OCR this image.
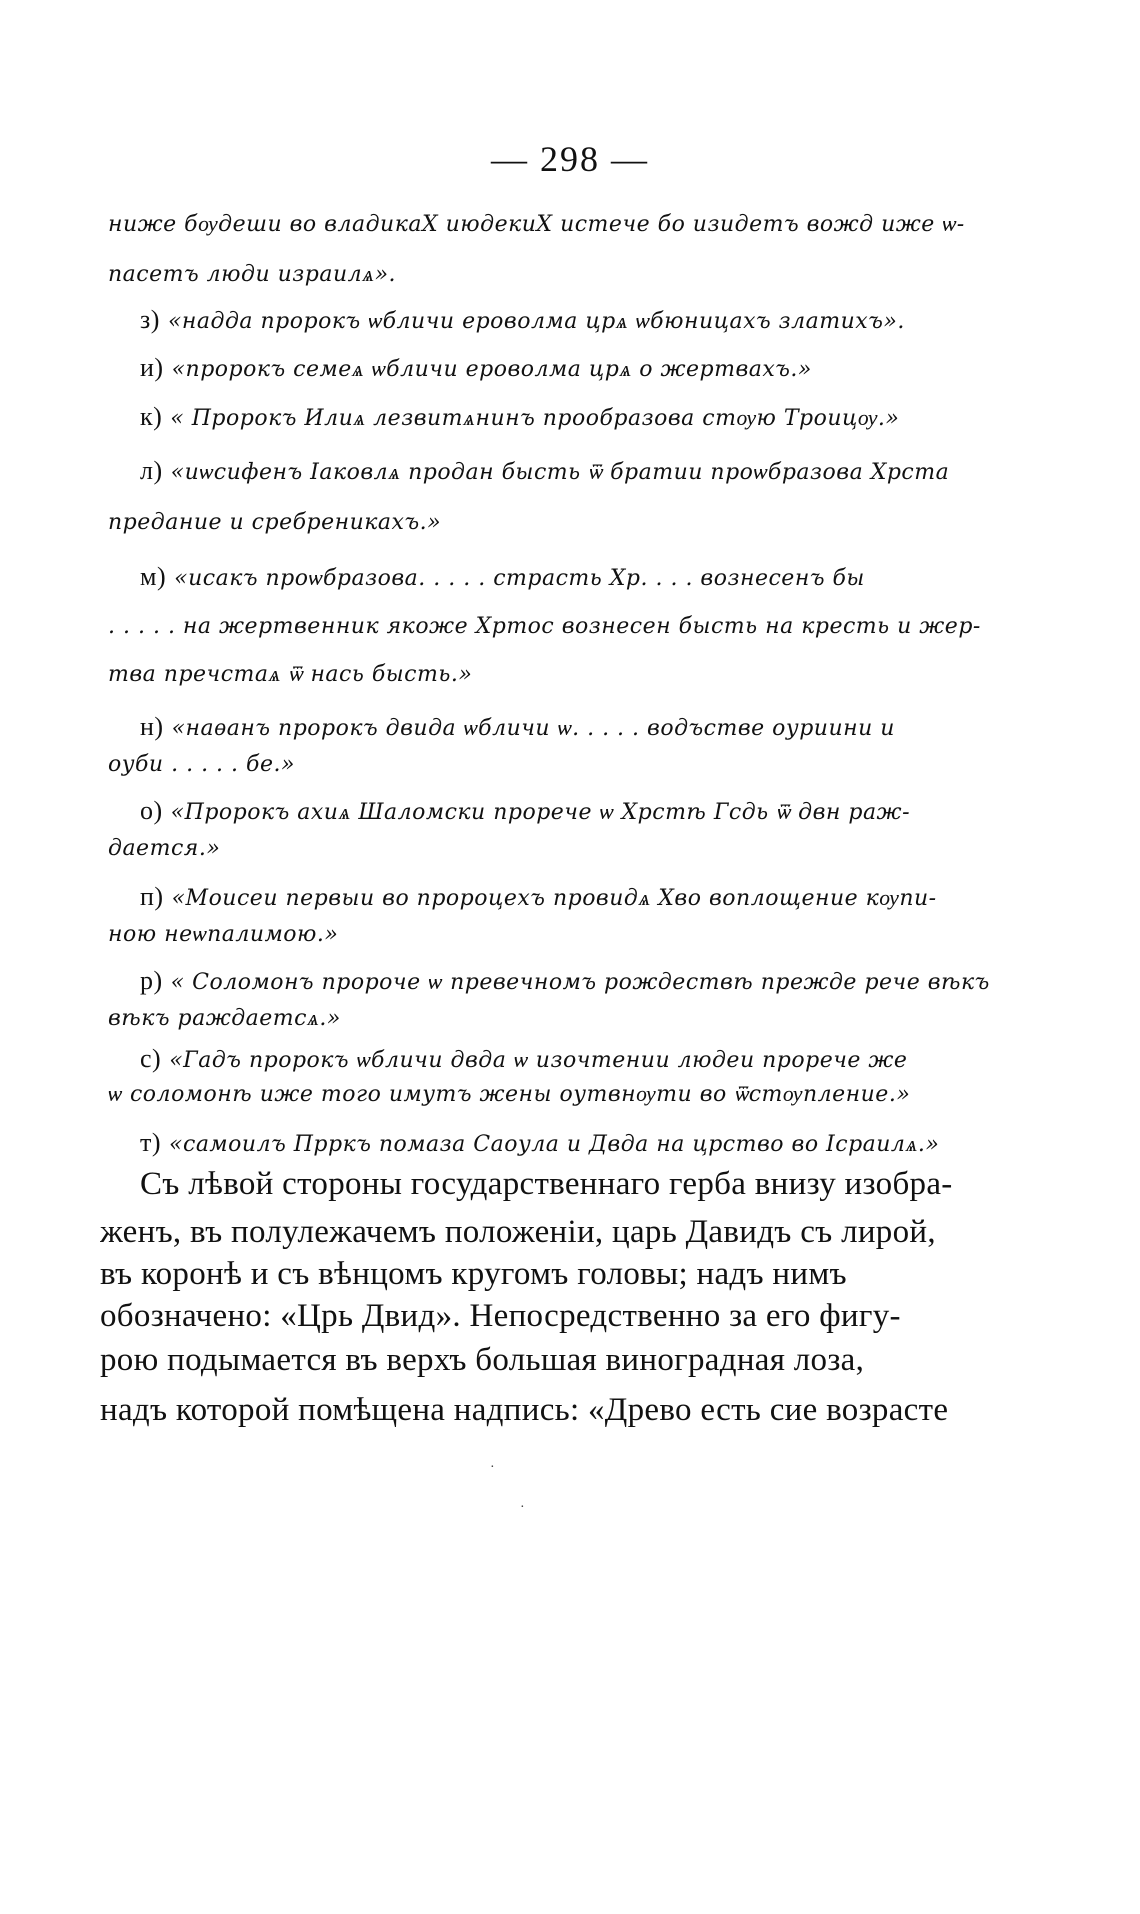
— 298 —
ниже бѹдеши во владикаХ июдекиХ истече бо изидетъ вожд иже ѡ-
пасетъ люди израилѧ».
з) «надда пророкъ ѡбличи ероволма црѧ ѡбюницахъ златихъ».
и) «пророкъ семеѧ ѡбличи ероволма црѧ о жертвахъ.»
к) « Пророкъ Илиѧ лезвитѧнинъ прообразова стѹю Троицѹ.»
л) «иѡсифенъ Іаковлѧ продан бысть ѿ братии проѡбразова Хрста
предание и сребреникахъ.»
м) «исакъ проѡбразова. . . . . страсть Хр. . . . вознесенъ бы
. . . . . на жертвенник якоже Хртос вознесен бысть на кресть и жер-
тва пречстаѧ ѿ нась бысть.»
н) «наѳанъ пророкъ двида ѡбличи ѡ. . . . . водъстве оуриини и
оуби . . . . . бе.»
о) «Пророкъ ахиѧ Шаломски прорече ѡ Хрстѣ Гсдь ѿ двн раж-
дается.»
п) «Моисеи первыи во пророцехъ провидѧ Хво воплощение кѹпи-
ною неѡпалимою.»
р) « Соломонъ пророче ѡ превечномъ рождествѣ прежде рече вѣкъ
вѣкъ раждаетсѧ.»
с) «Гадъ пророкъ ѡбличи двда ѡ изочтении людеи прорече же
ѡ соломонѣ иже того имутъ жены оутвнѹти во ѿстѹпление.»
т) «самоилъ Прркъ помаза Саоула и Двда на црство во Ісраилѧ.»
Съ лѣвой стороны государственнаго герба внизу изобра-
женъ, въ полулежачемъ положенiи, царь Давидъ съ лирой,
въ коронѣ и съ вѣнцомъ кругомъ головы; надъ нимъ
обозначено: «Црь Двид». Непосредственно за его фигу-
рою подымается въ верхъ большая виноградная лоза,
надъ которой помѣщена надпись: «Древо есть сие возрасте
·
·
